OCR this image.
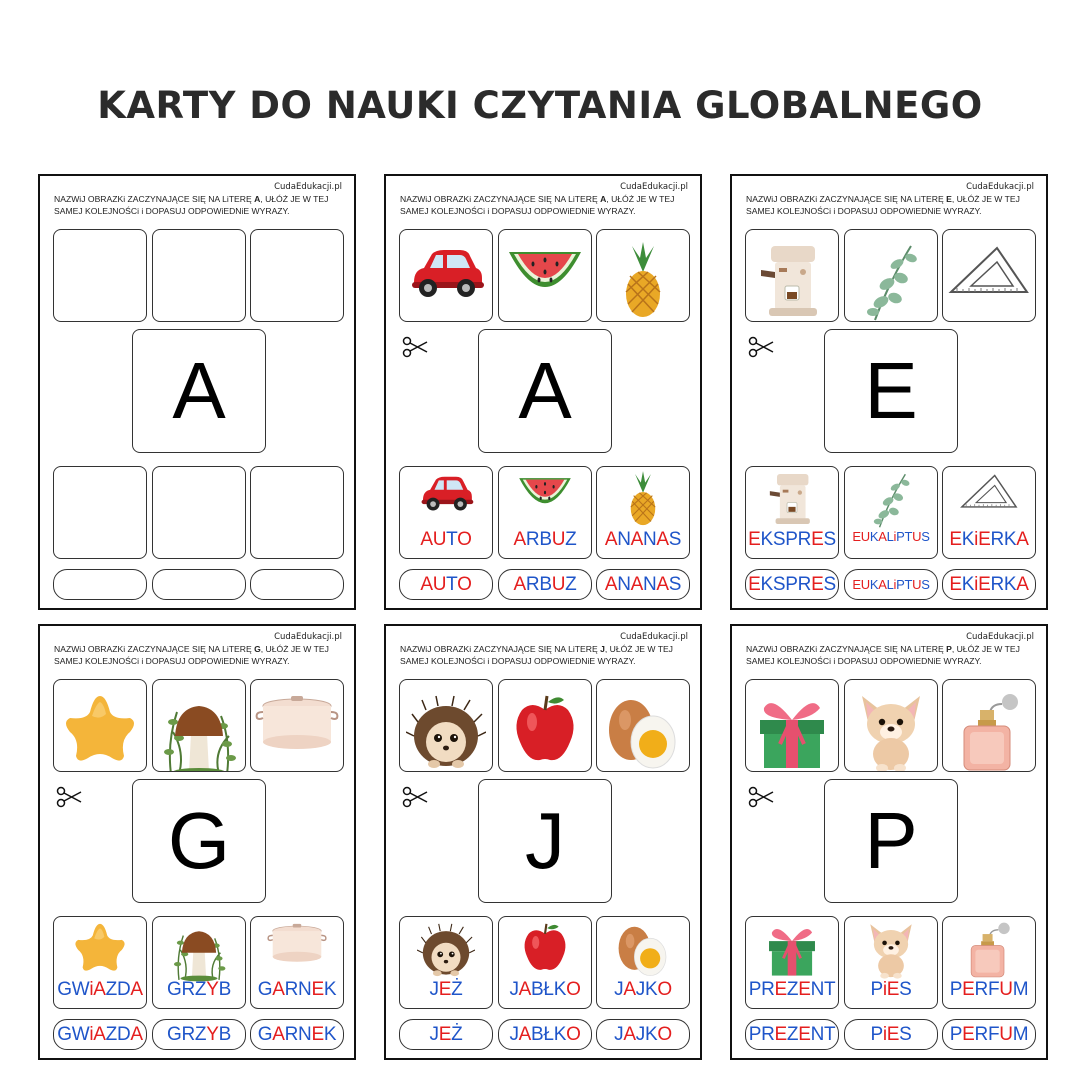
KARTY DO NAUKI CZYTANIA GLOBALNEGO
CudaEdukacji.pl
NAZWiJ OBRAZKi ZACZYNAJĄCE SIĘ NA LiTERĘ A, UŁÓŻ JE W TEJ SAMEJ KOLEJNOŚCi i DOPASUJ ODPOWiEDNiE WYRAZY.
A
CudaEdukacji.pl
NAZWiJ OBRAZKi ZACZYNAJĄCE SIĘ NA LiTERĘ A, UŁÓŻ JE W TEJ SAMEJ KOLEJNOŚCi i DOPASUJ ODPOWiEDNiE WYRAZY.
AUTO
AUTO
ARBUZ
ARBUZ
ANANAS
ANANAS
A
CudaEdukacji.pl
NAZWiJ OBRAZKi ZACZYNAJĄCE SIĘ NA LiTERĘ E, UŁÓŻ JE W TEJ SAMEJ KOLEJNOŚCi i DOPASUJ ODPOWiEDNiE WYRAZY.
EKSPRES
EKSPRES
EUKALiPTUS
EUKALiPTUS
EKiERKA
EKiERKA
E
CudaEdukacji.pl
NAZWiJ OBRAZKi ZACZYNAJĄCE SIĘ NA LiTERĘ G, UŁÓŻ JE W TEJ SAMEJ KOLEJNOŚCi i DOPASUJ ODPOWiEDNiE WYRAZY.
GWiAZDA
GWiAZDA
GRZYB
GRZYB
GARNEK
GARNEK
G
CudaEdukacji.pl
NAZWiJ OBRAZKi ZACZYNAJĄCE SIĘ NA LiTERĘ J, UŁÓŻ JE W TEJ SAMEJ KOLEJNOŚCi i DOPASUJ ODPOWiEDNiE WYRAZY.
JEŻ
JEŻ
JABŁKO
JABŁKO
JAJKO
JAJKO
J
CudaEdukacji.pl
NAZWiJ OBRAZKi ZACZYNAJĄCE SIĘ NA LiTERĘ P, UŁÓŻ JE W TEJ SAMEJ KOLEJNOŚCi i DOPASUJ ODPOWiEDNiE WYRAZY.
PREZENT
PREZENT
PiES
PiES
PERFUM
PERFUM
P
